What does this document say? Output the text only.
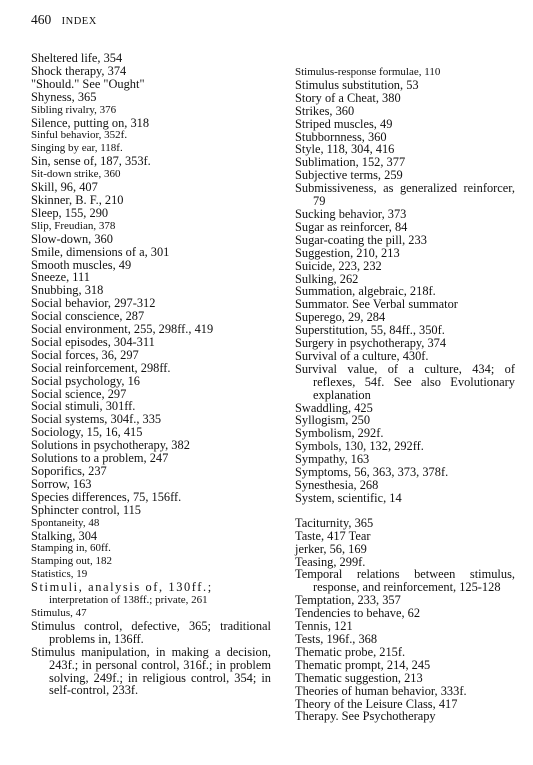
460 INDEX
Sheltered life, 354
Shock therapy, 374
"Should." See "Ought"
Shyness, 365
Sibling rivalry, 376
Silence, putting on, 318
Sinful behavior, 352f.
Singing by ear, 118f.
Sin, sense of, 187, 353f.
Sit-down strike, 360
Skill, 96, 407
Skinner, B. F., 210
Sleep, 155, 290
Slip, Freudian, 378
Slow-down, 360
Smile, dimensions of a, 301
Smooth muscles, 49
Sneeze, 111
Snubbing, 318
Social behavior, 297-312
Social conscience, 287
Social environment, 255, 298ff., 419
Social episodes, 304-311
Social forces, 36, 297
Social reinforcement, 298ff.
Social psychology, 16
Social science, 297
Social stimuli, 301ff.
Social systems, 304f., 335
Sociology, 15, 16, 415
Solutions in psychotherapy, 382
Solutions to a problem, 247
Soporifics, 237
Sorrow, 163
Species differences, 75, 156ff.
Sphincter control, 115
Spontaneity, 48
Stalking, 304
Stamping in, 60ff.
Stamping out, 182
Statistics, 19
Stimuli, analysis of, 130ff.;
interpretation of 138ff.; private, 261
Stimulus, 47
Stimulus control, defective, 365; traditional problems in, 136ff.
Stimulus manipulation, in making a decision, 243f.; in personal control, 316f.; in problem solving, 249f.; in religious control, 354; in self-control, 233f.
Stimulus-response formulae, 110
Stimulus substitution, 53
Story of a Cheat, 380
Strikes, 360
Striped muscles, 49
Stubbornness, 360
Style, 118, 304, 416
Sublimation, 152, 377
Subjective terms, 259
Submissiveness, as generalized reinforcer, 79
Sucking behavior, 373
Sugar as reinforcer, 84
Sugar-coating the pill, 233
Suggestion, 210, 213
Suicide, 223, 232
Sulking, 262
Summation, algebraic, 218f.
Summator. See Verbal summator
Superego, 29, 284
Superstitution, 55, 84ff., 350f.
Surgery in psychotherapy, 374
Survival of a culture, 430f.
Survival value, of a culture, 434; of reflexes, 54f. See also Evolutionary explanation
Swaddling, 425
Syllogism, 250
Symbolism, 292f.
Symbols, 130, 132, 292ff.
Sympathy, 163
Symptoms, 56, 363, 373, 378f.
Synesthesia, 268
System, scientific, 14
Taciturnity, 365
Taste, 417 Tear
jerker, 56, 169
Teasing, 299f.
Temporal relations between stimulus, response, and reinforcement, 125-128
Temptation, 233, 357
Tendencies to behave, 62
Tennis, 121
Tests, 196f., 368
Thematic probe, 215f.
Thematic prompt, 214, 245
Thematic suggestion, 213
Theories of human behavior, 333f.
Theory of the Leisure Class, 417
Therapy. See Psychotherapy
